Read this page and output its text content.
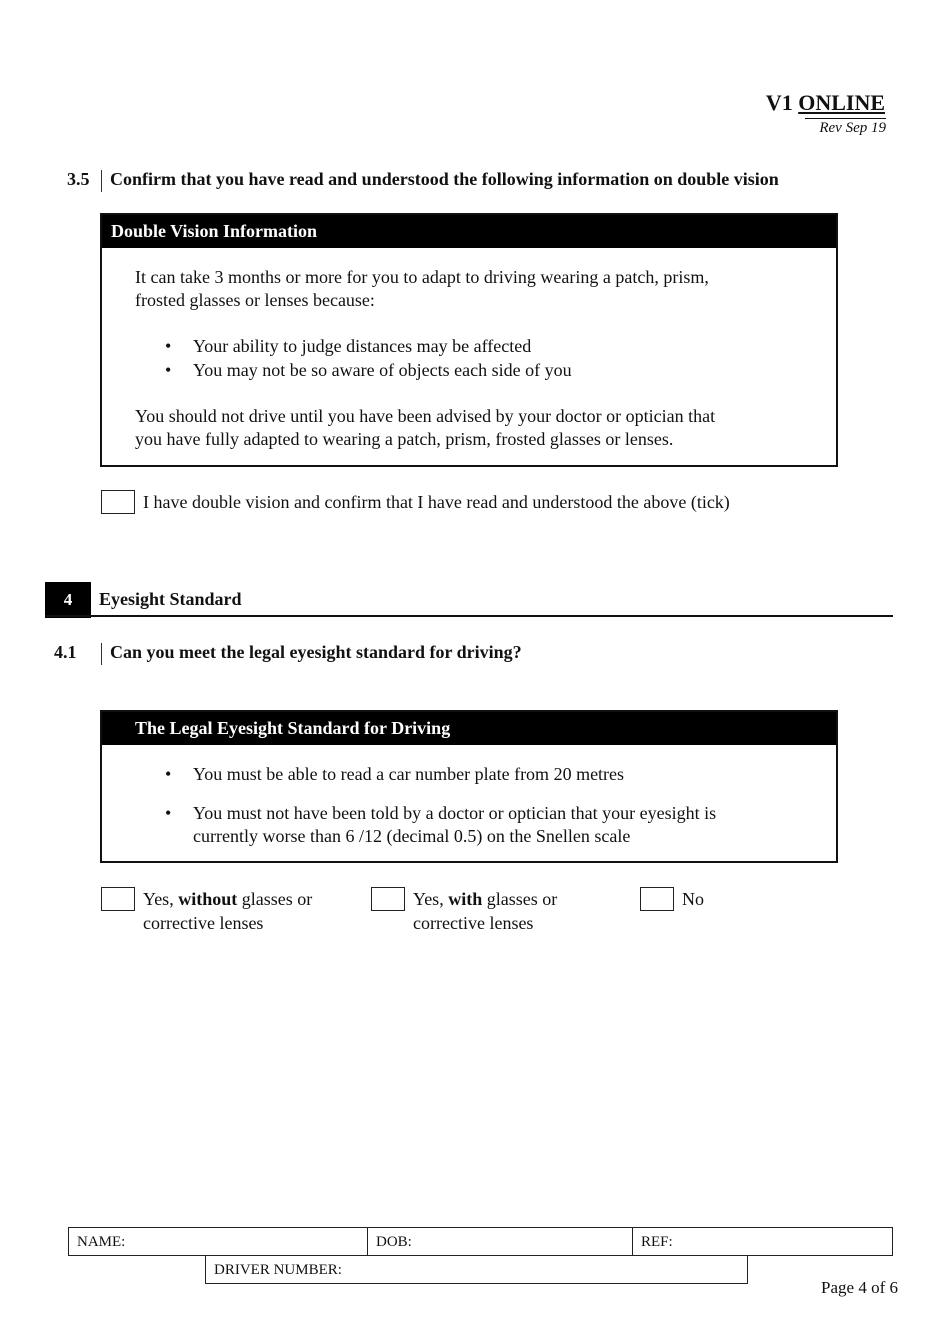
V1 ONLINE
Rev Sep 19
3.5 Confirm that you have read and understood the following information on double vision
Double Vision Information
It can take 3 months or more for you to adapt to driving wearing a patch, prism,
frosted glasses or lenses because:
• Your ability to judge distances may be affected
• You may not be so aware of objects each side of you
You should not drive until you have been advised by your doctor or optician that
you have fully adapted to wearing a patch, prism, frosted glasses or lenses.
I have double vision and confirm that I have read and understood the above (tick)
4	Eyesight Standard
4.1 Can you meet the legal eyesight standard for driving?
The Legal Eyesight Standard for Driving
• You must be able to read a car number plate from 20 metres
• You must not have been told by a doctor or optician that your eyesight is
currently worse than 6 /12 (decimal 0.5) on the Snellen scale
Yes, without glasses or
corrective lenses
Yes, with glasses or
corrective lenses
No
NAME:	DOB:	REF:
DRIVER NUMBER:
Page 4 of 6
